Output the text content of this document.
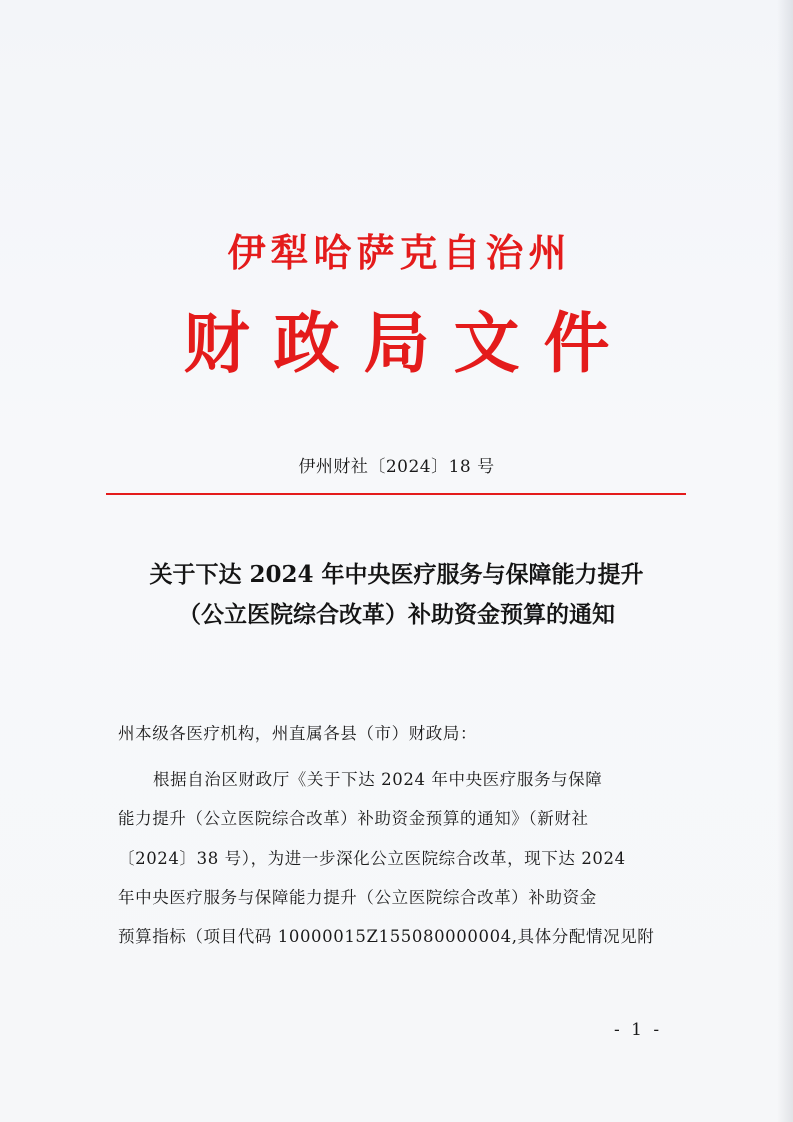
伊犁哈萨克自治州
财政局文件
伊州财社〔2024〕18 号
关于下达 2024 年中央医疗服务与保障能力提升
（公立医院综合改革）补助资金预算的通知
州本级各医疗机构，州直属各县（市）财政局：
根据自治区财政厅《关于下达 2024 年中央医疗服务与保障
能力提升（公立医院综合改革）补助资金预算的通知》（新财社
〔2024〕38 号），为进一步深化公立医院综合改革，现下达 2024
年中央医疗服务与保障能力提升（公立医院综合改革）补助资金
预算指标（项目代码 10000015Z155080000004,具体分配情况见附
- 1 -
